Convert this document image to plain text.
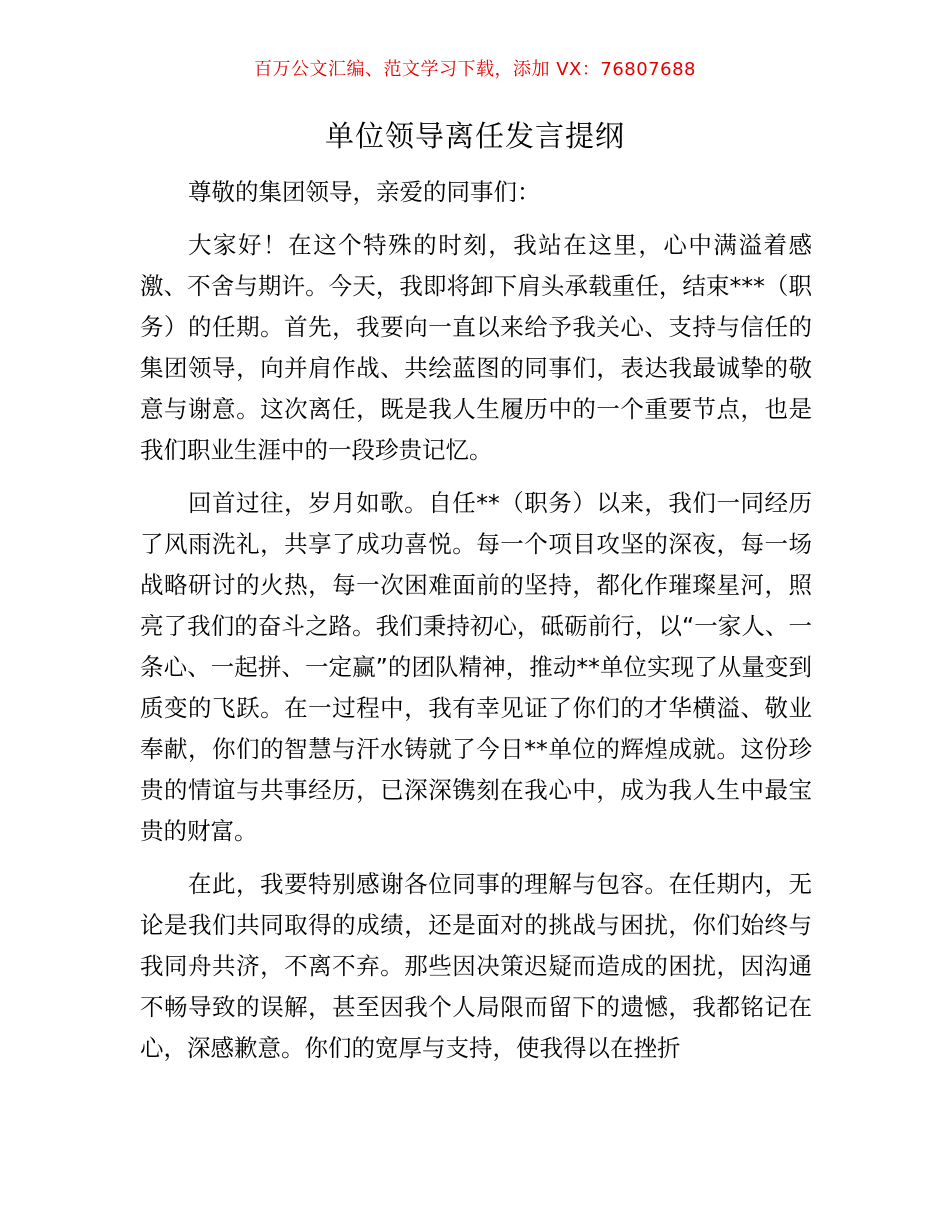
百万公文汇编、范文学习下载，添加 VX：76807688
单位领导离任发言提纲

尊敬的集团领导，亲爱的同事们：

大家好！在这个特殊的时刻，我站在这里，心中满溢着感激、不舍与期许。今天，我即将卸下肩头承载重任，结束***（职务）的任期。首先，我要向一直以来给予我关心、支持与信任的集团领导，向并肩作战、共绘蓝图的同事们，表达我最诚挚的敬意与谢意。这次离任，既是我人生履历中的一个重要节点，也是我们职业生涯中的一段珍贵记忆。

回首过往，岁月如歌。自任**（职务）以来，我们一同经历了风雨洗礼，共享了成功喜悦。每一个项目攻坚的深夜，每一场战略研讨的火热，每一次困难面前的坚持，都化作璀璨星河，照亮了我们的奋斗之路。我们秉持初心，砥砺前行，以“一家人、一条心、一起拼、一定赢”的团队精神，推动**单位实现了从量变到质变的飞跃。在一过程中，我有幸见证了你们的才华横溢、敬业奉献，你们的智慧与汗水铸就了今日**单位的辉煌成就。这份珍贵的情谊与共事经历，已深深镌刻在我心中，成为我人生中最宝贵的财富。

在此，我要特别感谢各位同事的理解与包容。在任期内，无论是我们共同取得的成绩，还是面对的挑战与困扰，你们始终与我同舟共济，不离不弃。那些因决策迟疑而造成的困扰，因沟通不畅导致的误解，甚至因我个人局限而留下的遗憾，我都铭记在心，深感歉意。你们的宽厚与支持，使我得以在挫折
